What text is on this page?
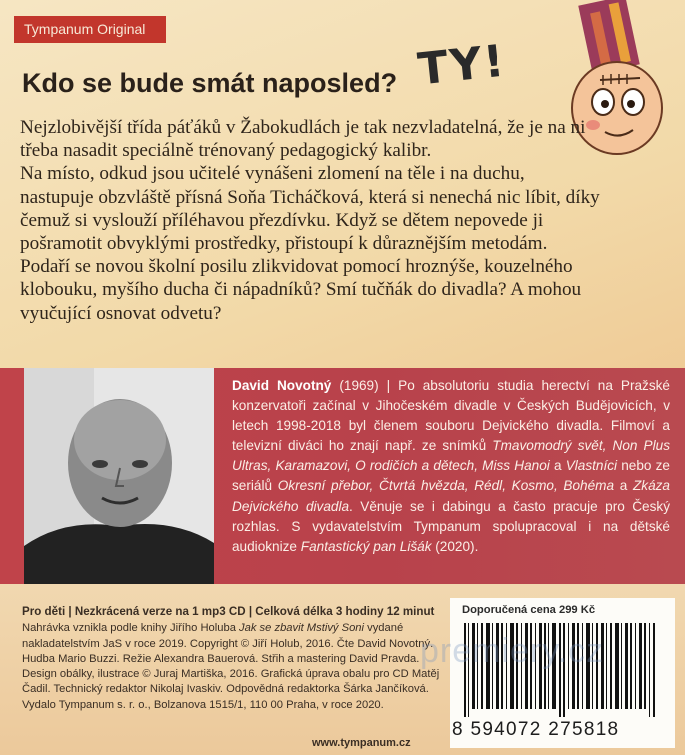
Tympanum Original
TY!
Kdo se bude smát naposled?

Nejzlobivější třída páťáků v Žabokudlách je tak nezvladatelná, že je na ni třeba nasadit speciálně trénovaný pedagogický kalibr.

Na místo, odkud jsou učitelé vynášeni zlomení na těle i na duchu, nastupuje obzvláště přísná Soňa Ticháčková, která si nenechá nic líbit, díky čemuž si vyslouží příléhavou přezdívku. Když se dětem nepovede ji pošramotit obvyklými prostředky, přistoupí k důraznějším metodám.

Podaří se novou školní posilu zlikvidovat pomocí hroznýše, kouzelného klobouku, myšího ducha či nápadníků? Smí tučňák do divadla? A mohou vyučující osnovat odvetu?

David Novotný (1969) | Po absolutoriu studia herectví na Pražské konzervatoři začínal v Jihočeském divadle v Českých Budějovicích, v letech 1998-2018 byl členem souboru Dejvického divadla. Filmoví a televizní diváci ho znají např. ze snímků Tmavomodrý svět, Non Plus Ultras, Karamazovi, O rodičích a dětech, Miss Hanoi a Vlastníci nebo ze seriálů Okresní přebor, Čtvrtá hvězda, Rédl, Kosmo, Bohéma a Zkáza Dejvického divadla. Věnuje se i dabingu a často pracuje pro Český rozhlas. S vydavatelstvím Tympanum spolupracoval i na dětské audioknize Fantastický pan Lišák (2020).
Pro děti | Nezkrácená verze na 1 mp3 CD | Celková délka 3 hodiny 12 minut
Nahrávka vznikla podle knihy Jiřího Holuba Jak se zbavit Mstivý Soni vydané nakladatelstvím JaS v roce 2019. Copyright © Jiří Holub, 2016. Čte David Novotný. Hudba Mario Buzzi. Režie Alexandra Bauerová. Střih a mastering David Pravda. Design obálky, ilustrace © Juraj Martiška, 2016. Grafická úprava obalu pro CD Matěj Čadil. Technický redaktor Nikolaj Ivaskiv. Odpovědná redaktorka Šárka Jančíková. Vydalo Tympanum s. r. o., Bolzanova 1515/1, 110 00 Praha, v roce 2020.
www.tympanum.cz
Doporučená cena 299 Kč
8 594072 275818
premiery.cz
